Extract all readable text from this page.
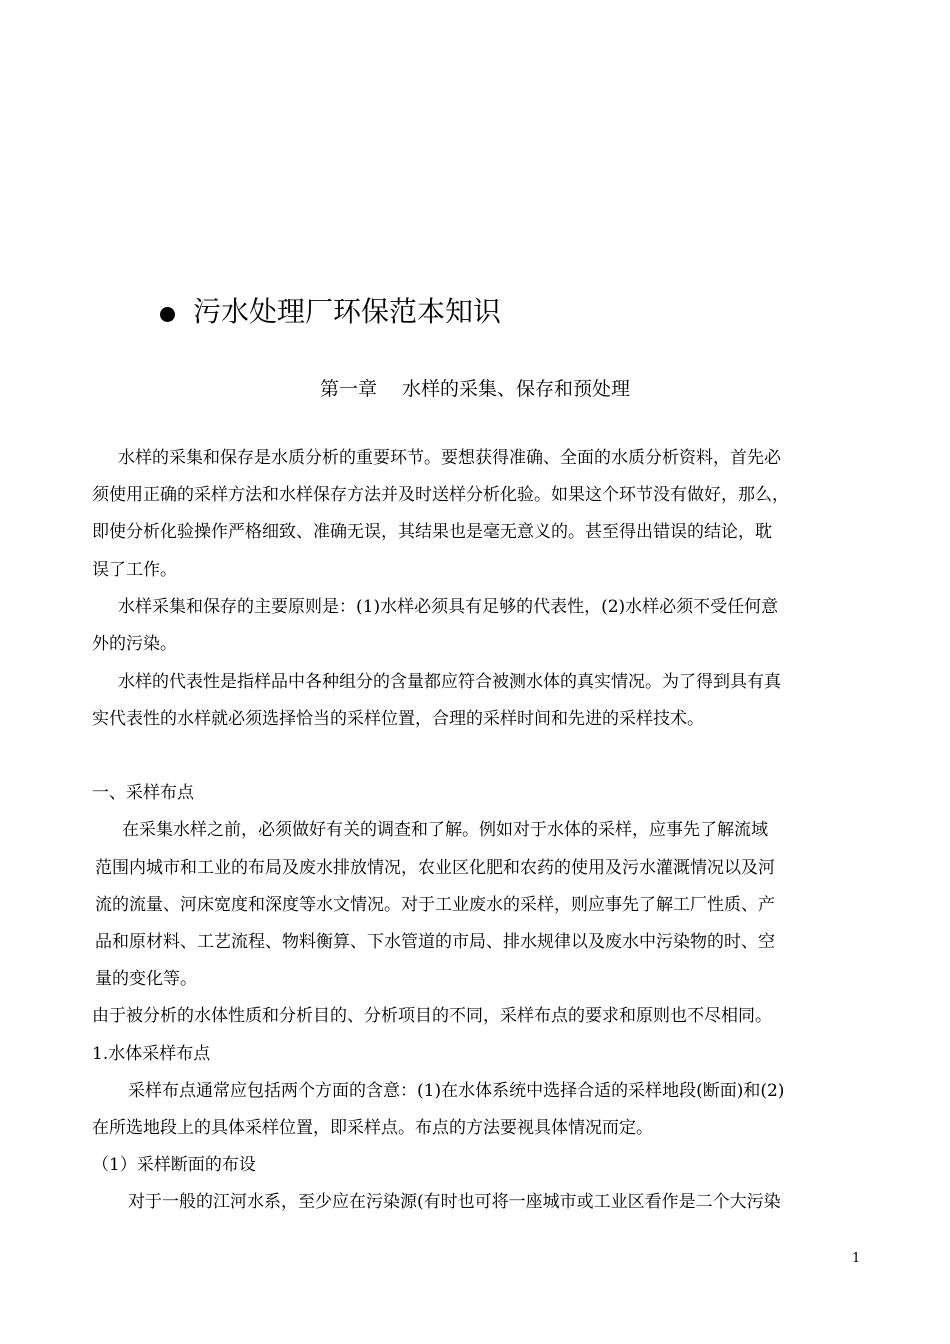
污水处理厂环保范本知识
第一章　 水样的采集、保存和预处理
水样的采集和保存是水质分析的重要环节。要想获得准确、全面的水质分析资料，首先必
须使用正确的采样方法和水样保存方法并及时送样分析化验。如果这个环节没有做好，那么，
即使分析化验操作严格细致、准确无误，其结果也是毫无意义的。甚至得出错误的结论，耽
误了工作。
水样采集和保存的主要原则是：(1)水样必须具有足够的代表性，(2)水样必须不受任何意
外的污染。
水样的代表性是指样品中各种组分的含量都应符合被测水体的真实情况。为了得到具有真
实代表性的水样就必须选择恰当的采样位置，合理的采样时间和先进的采样技术。
一、采样布点
在采集水样之前，必须做好有关的调查和了解。例如对于水体的采样，应事先了解流域
范围内城市和工业的布局及废水排放情况，农业区化肥和农药的使用及污水灌溉情况以及河
流的流量、河床宽度和深度等水文情况。对于工业废水的采样，则应事先了解工厂性质、产
品和原材料、工艺流程、物料衡算、下水管道的市局、排水规律以及废水中污染物的时、空
量的变化等。
由于被分析的水体性质和分析目的、分析项目的不同，采样布点的要求和原则也不尽相同。
1.水体采样布点
采样布点通常应包括两个方面的含意：(1)在水体系统中选择合适的采样地段(断面)和(2)
在所选地段上的具体采样位置，即采样点。布点的方法要视具体情况而定。
（1）采样断面的布设
对于一般的江河水系，至少应在污染源(有时也可将一座城市或工业区看作是二个大污染
1
